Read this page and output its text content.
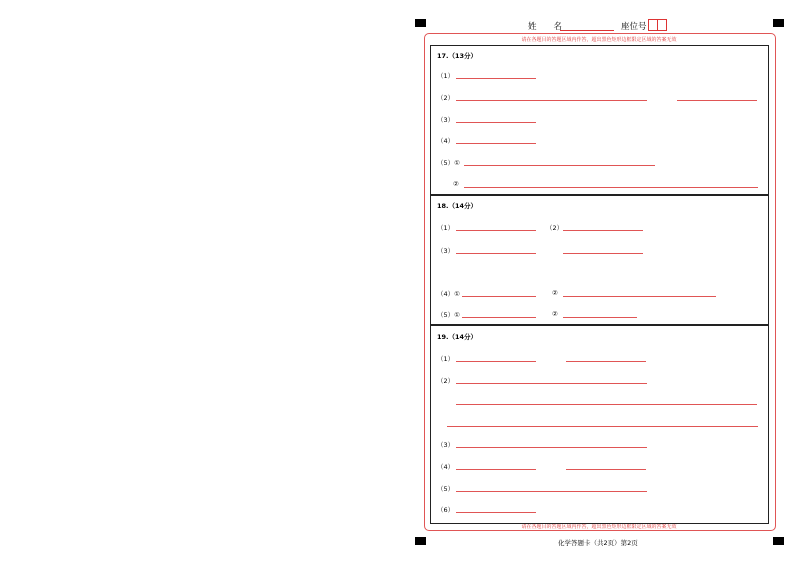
姓　　名	座位号
请在各题目的答题区域内作答，超出黑色矩形边框限定区域的答案无效
请在各题目的答题区域内作答，超出黑色矩形边框限定区域的答案无效
17.（13分）
（1）
（2）
（3）
（4）
（5）①
②
18.（14分）
（1）	（2）
（3）
（4）①	②
（5）①	②
19.（14分）
（1）
（2）
（3）
（4）
（5）
（6）
化学答题卡（共2页）第2页
